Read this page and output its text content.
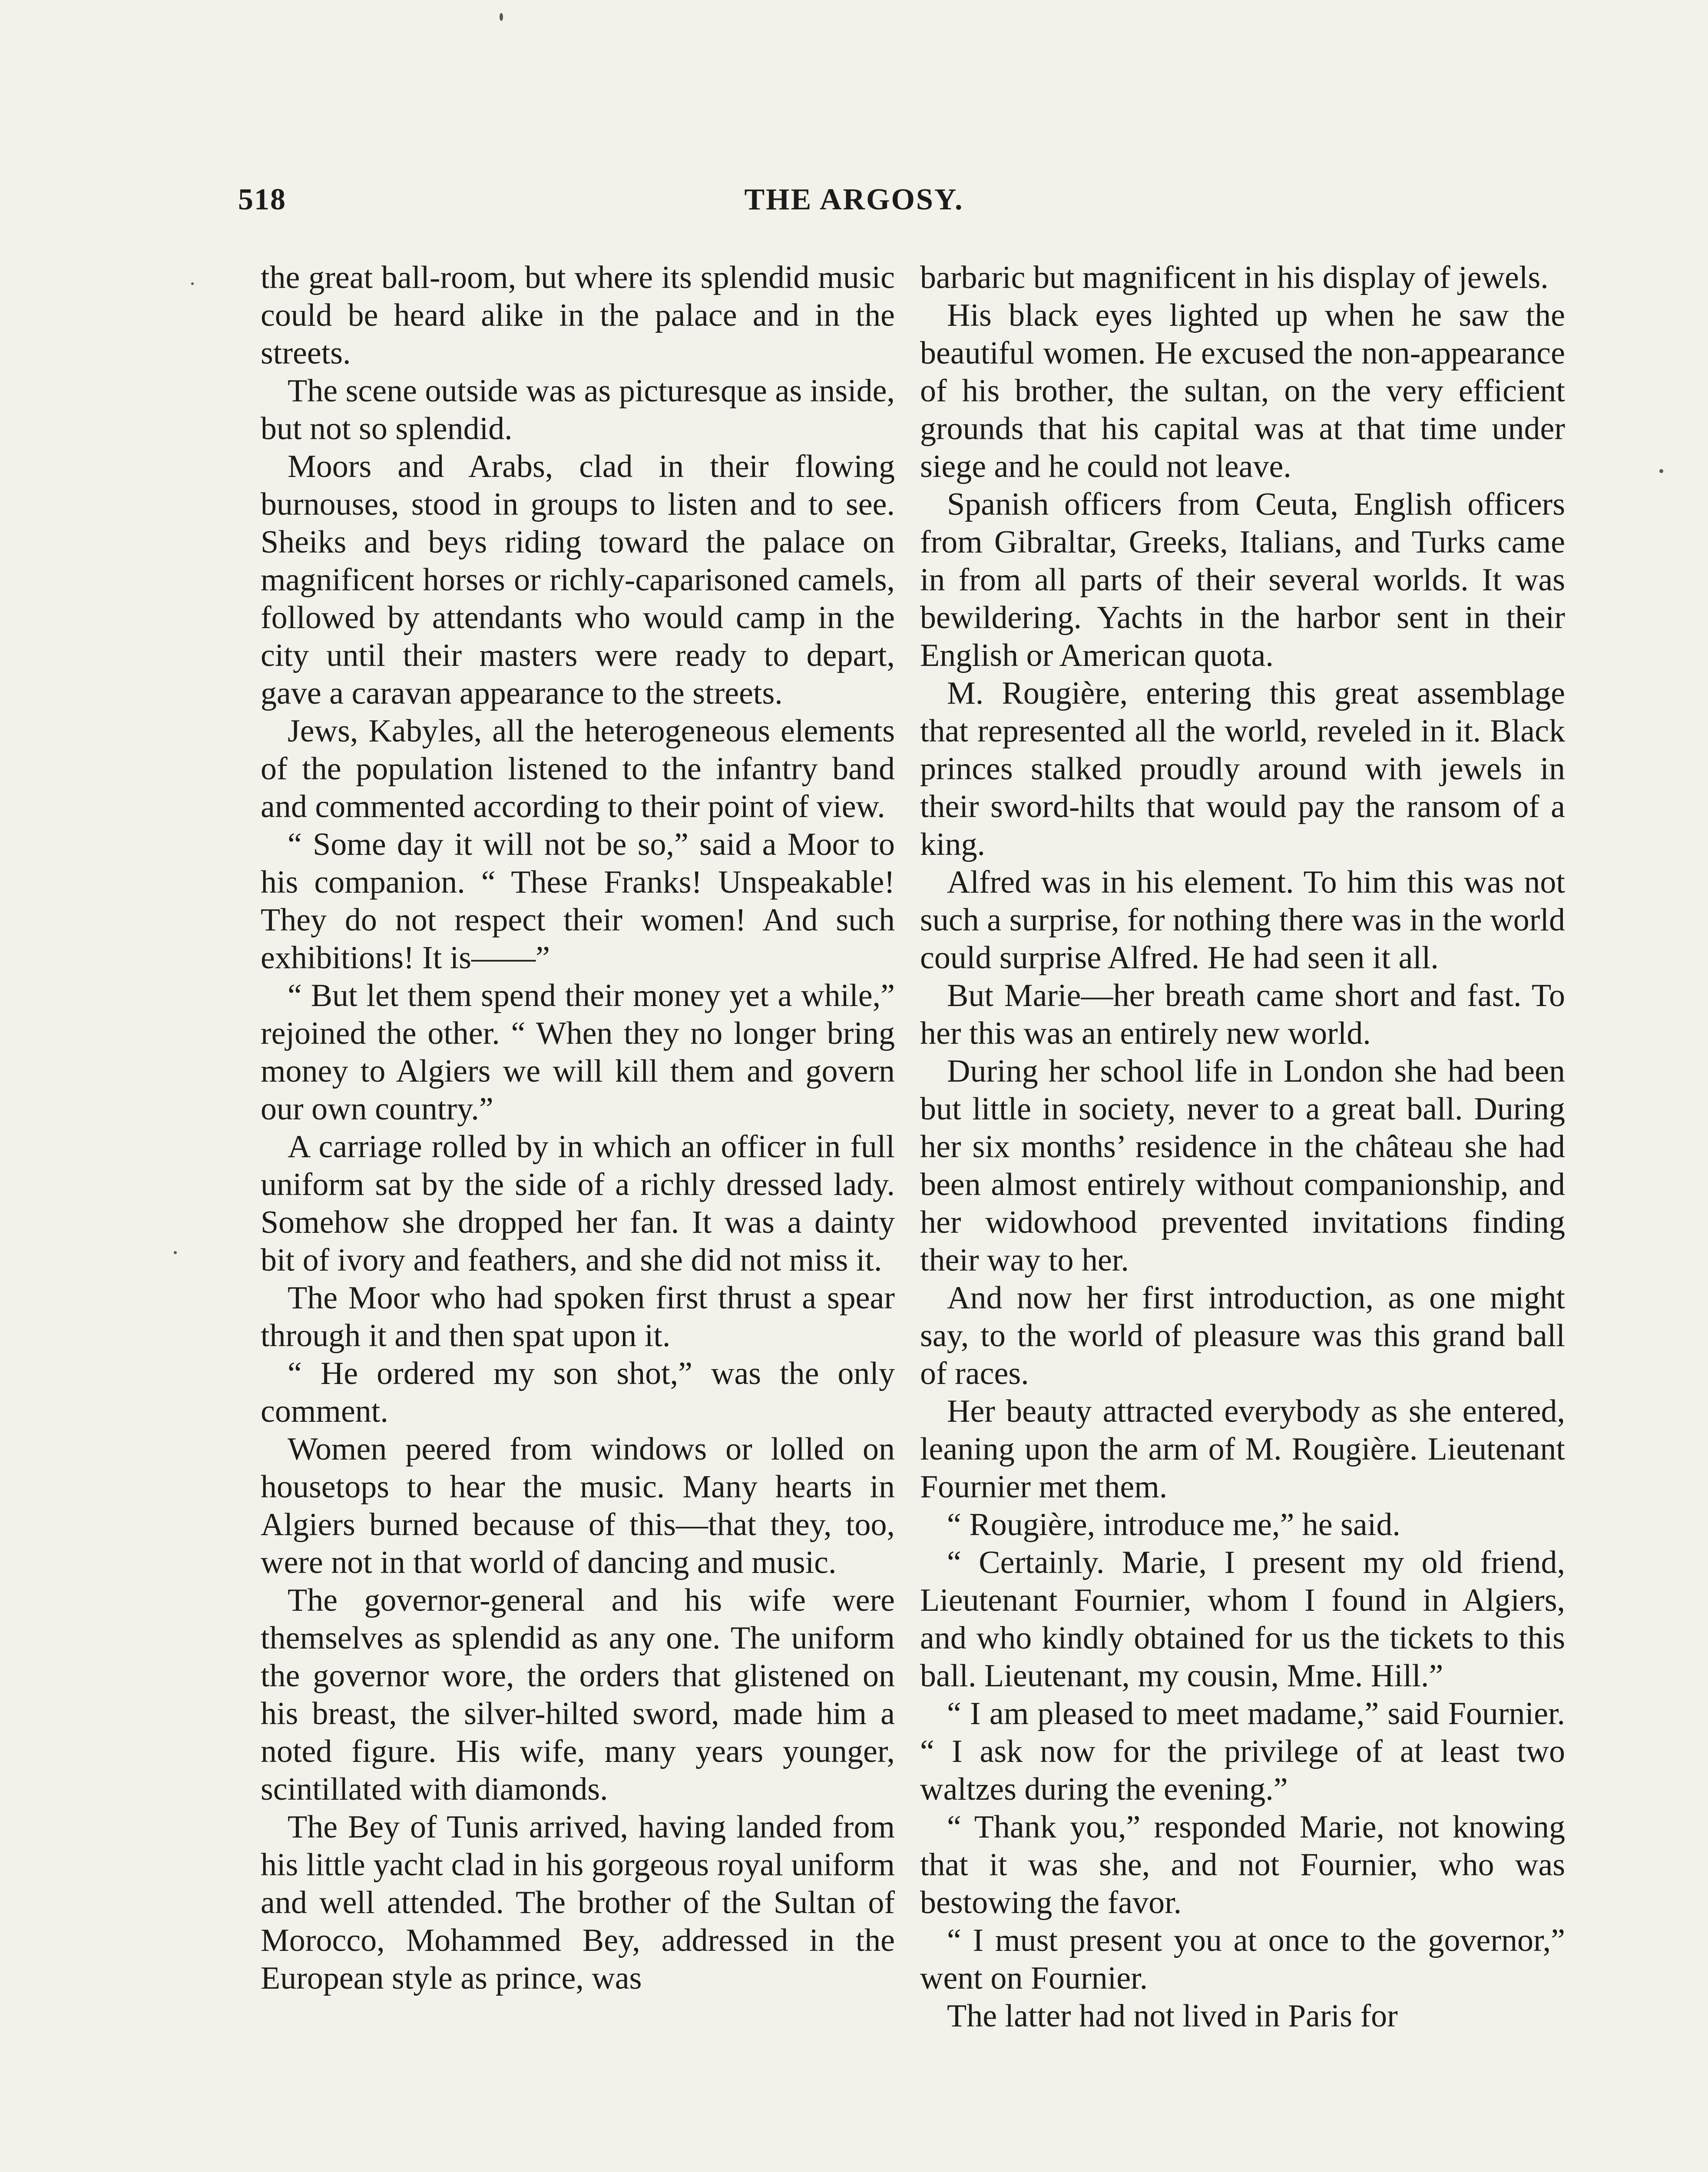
THE ARGOSY.
518

the great ball-room, but where its splendid music could be heard alike in the palace and in the streets.

The scene outside was as picturesque as inside, but not so splendid.

Moors and Arabs, clad in their flowing burnouses, stood in groups to listen and to see. Sheiks and beys riding toward the palace on magnificent horses or richly-caparisoned camels, followed by attendants who would camp in the city until their masters were ready to depart, gave a caravan appearance to the streets.

Jews, Kabyles, all the heterogeneous elements of the population listened to the infantry band and commented according to their point of view.

“ Some day it will not be so,” said a Moor to his companion. “ These Franks! Unspeakable! They do not respect their women! And such exhibitions! It is——”

“ But let them spend their money yet a while,” rejoined the other. “ When they no longer bring money to Algiers we will kill them and govern our own country.”

A carriage rolled by in which an officer in full uniform sat by the side of a richly dressed lady. Somehow she dropped her fan. It was a dainty bit of ivory and feathers, and she did not miss it.

The Moor who had spoken first thrust a spear through it and then spat upon it.

“ He ordered my son shot,” was the only comment.

Women peered from windows or lolled on housetops to hear the music. Many hearts in Algiers burned because of this—that they, too, were not in that world of dancing and music.

The governor-general and his wife were themselves as splendid as any one. The uniform the governor wore, the orders that glistened on his breast, the silver-hilted sword, made him a noted figure. His wife, many years younger, scintillated with diamonds.

The Bey of Tunis arrived, having landed from his little yacht clad in his gorgeous royal uniform and well attended. The brother of the Sultan of Morocco, Mohammed Bey, addressed in the European style as prince, was

barbaric but magnificent in his display of jewels.

His black eyes lighted up when he saw the beautiful women. He excused the non-appearance of his brother, the sultan, on the very efficient grounds that his capital was at that time under siege and he could not leave.

Spanish officers from Ceuta, English officers from Gibraltar, Greeks, Italians, and Turks came in from all parts of their several worlds. It was bewildering. Yachts in the harbor sent in their English or American quota.

M. Rougière, entering this great assemblage that represented all the world, reveled in it. Black princes stalked proudly around with jewels in their sword-hilts that would pay the ransom of a king.

Alfred was in his element. To him this was not such a surprise, for nothing there was in the world could surprise Alfred. He had seen it all.

But Marie—her breath came short and fast. To her this was an entirely new world.

During her school life in London she had been but little in society, never to a great ball. During her six months’ residence in the château she had been almost entirely without companionship, and her widowhood prevented invitations finding their way to her.

And now her first introduction, as one might say, to the world of pleasure was this grand ball of races.

Her beauty attracted everybody as she entered, leaning upon the arm of M. Rougière. Lieutenant Fournier met them.

“ Rougière, introduce me,” he said.

“ Certainly. Marie, I present my old friend, Lieutenant Fournier, whom I found in Algiers, and who kindly obtained for us the tickets to this ball. Lieutenant, my cousin, Mme. Hill.”

“ I am pleased to meet madame,” said Fournier. “ I ask now for the privilege of at least two waltzes during the evening.”

“ Thank you,” responded Marie, not knowing that it was she, and not Fournier, who was bestowing the favor.

“ I must present you at once to the governor,” went on Fournier.

The latter had not lived in Paris for
